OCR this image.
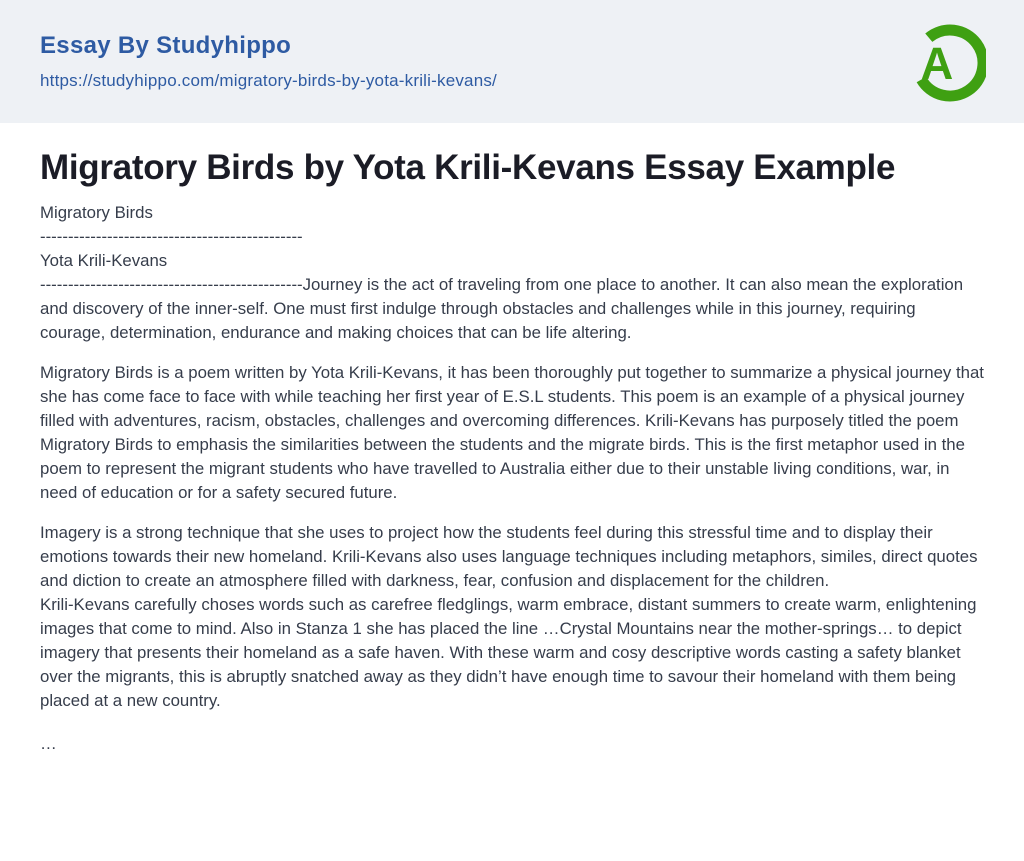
Essay By Studyhippo
https://studyhippo.com/migratory-birds-by-yota-krili-kevans/	A
Migratory Birds by Yota Krili-Kevans Essay Example

Migratory Birds
-----------------------------------------------
Yota Krili-Kevans
-----------------------------------------------Journey is the act of traveling from one place to another. It can also mean the exploration and discovery of the inner-self. One must first indulge through obstacles and challenges while in this journey, requiring courage, determination, endurance and making choices that can be life altering.

Migratory Birds is a poem written by Yota Krili-Kevans, it has been thoroughly put together to summarize a physical journey that she has come face to face with while teaching her first year of E.S.L students. This poem is an example of a physical journey filled with adventures, racism, obstacles, challenges and overcoming differences. Krili-Kevans has purposely titled the poem Migratory Birds to emphasis the similarities between the students and the migrate birds. This is the first metaphor used in the poem to represent the migrant students who have travelled to Australia either due to their unstable living conditions, war, in need of education or for a safety secured future.

Imagery is a strong technique that she uses to project how the students feel during this stressful time and to display their emotions towards their new homeland. Krili-Kevans also uses language techniques including metaphors, similes, direct quotes and diction to create an atmosphere filled with darkness, fear, confusion and displacement for the children.
Krili-Kevans carefully choses words such as carefree fledglings, warm embrace, distant summers to create warm, enlightening images that come to mind. Also in Stanza 1 she has placed the line …Crystal Mountains near the mother-springs… to depict imagery that presents their homeland as a safe haven. With these warm and cosy descriptive words casting a safety blanket over the migrants, this is abruptly snatched away as they didn’t have enough time to savour their homeland with them being placed at a new country.

…
